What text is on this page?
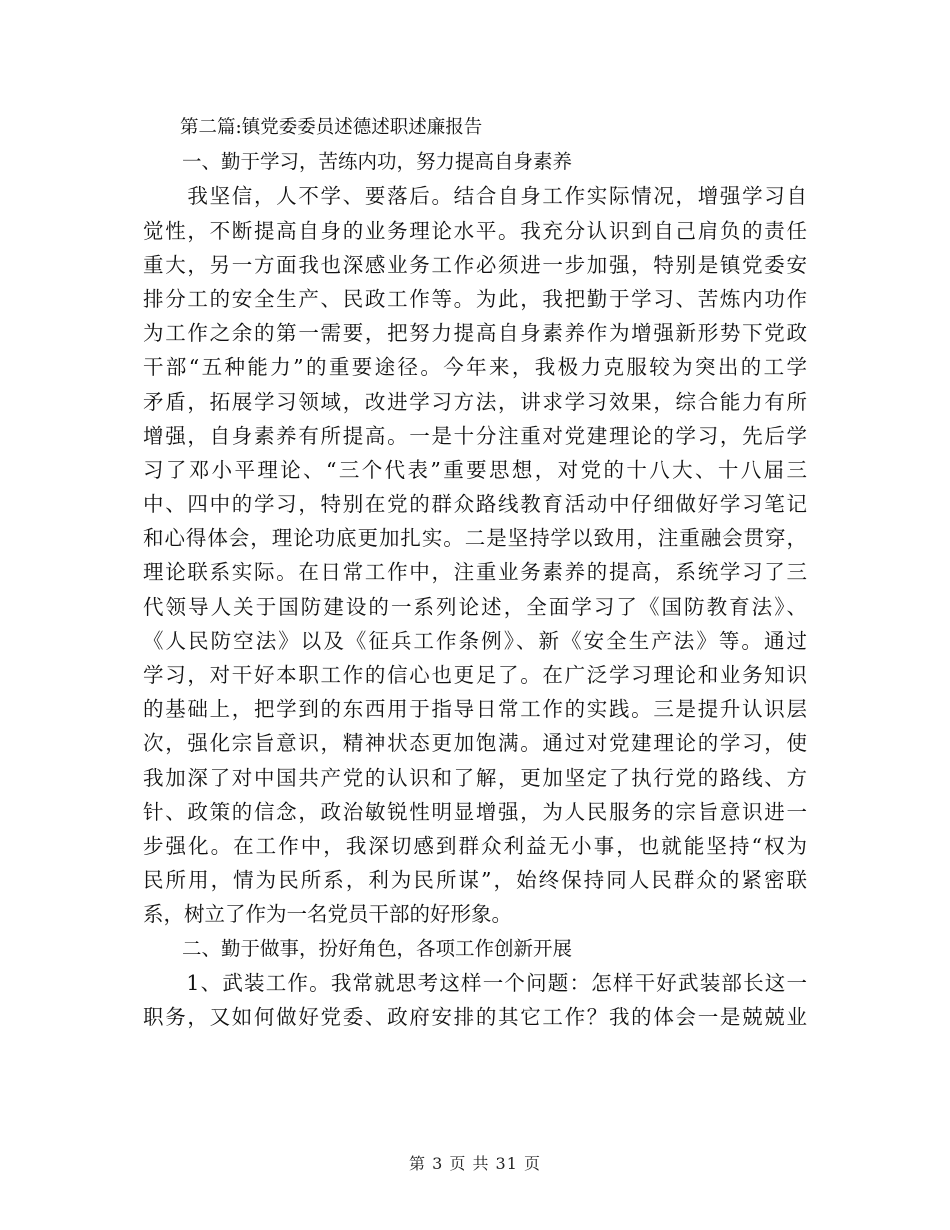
　　第二篇:镇党委委员述德述职述廉报告
　　一、勤于学习，苦练内功，努力提高自身素养
　　我坚信，人不学、要落后。结合自身工作实际情况，增强学习自
觉性，不断提高自身的业务理论水平。我充分认识到自己肩负的责任
重大，另一方面我也深感业务工作必须进一步加强，特别是镇党委安
排分工的安全生产、民政工作等。为此，我把勤于学习、苦炼内功作
为工作之余的第一需要，把努力提高自身素养作为增强新形势下党政
干部“五种能力”的重要途径。今年来，我极力克服较为突出的工学
矛盾，拓展学习领域，改进学习方法，讲求学习效果，综合能力有所
增强，自身素养有所提高。一是十分注重对党建理论的学习，先后学
习了邓小平理论、“三个代表”重要思想，对党的十八大、十八届三
中、四中的学习，特别在党的群众路线教育活动中仔细做好学习笔记
和心得体会，理论功底更加扎实。二是坚持学以致用，注重融会贯穿，
理论联系实际。在日常工作中，注重业务素养的提高，系统学习了三
代领导人关于国防建设的一系列论述，全面学习了《国防教育法》、
《人民防空法》以及《征兵工作条例》、新《安全生产法》等。通过
学习，对干好本职工作的信心也更足了。在广泛学习理论和业务知识
的基础上，把学到的东西用于指导日常工作的实践。三是提升认识层
次，强化宗旨意识，精神状态更加饱满。通过对党建理论的学习，使
我加深了对中国共产党的认识和了解，更加坚定了执行党的路线、方
针、政策的信念，政治敏锐性明显增强，为人民服务的宗旨意识进一
步强化。在工作中，我深切感到群众利益无小事，也就能坚持“权为
民所用，情为民所系，利为民所谋”，始终保持同人民群众的紧密联
系，树立了作为一名党员干部的好形象。
　　二、勤于做事，扮好角色，各项工作创新开展
　　1、武装工作。我常就思考这样一个问题：怎样干好武装部长这一
职务，又如何做好党委、政府安排的其它工作？我的体会一是兢兢业
第 3 页 共 31 页
